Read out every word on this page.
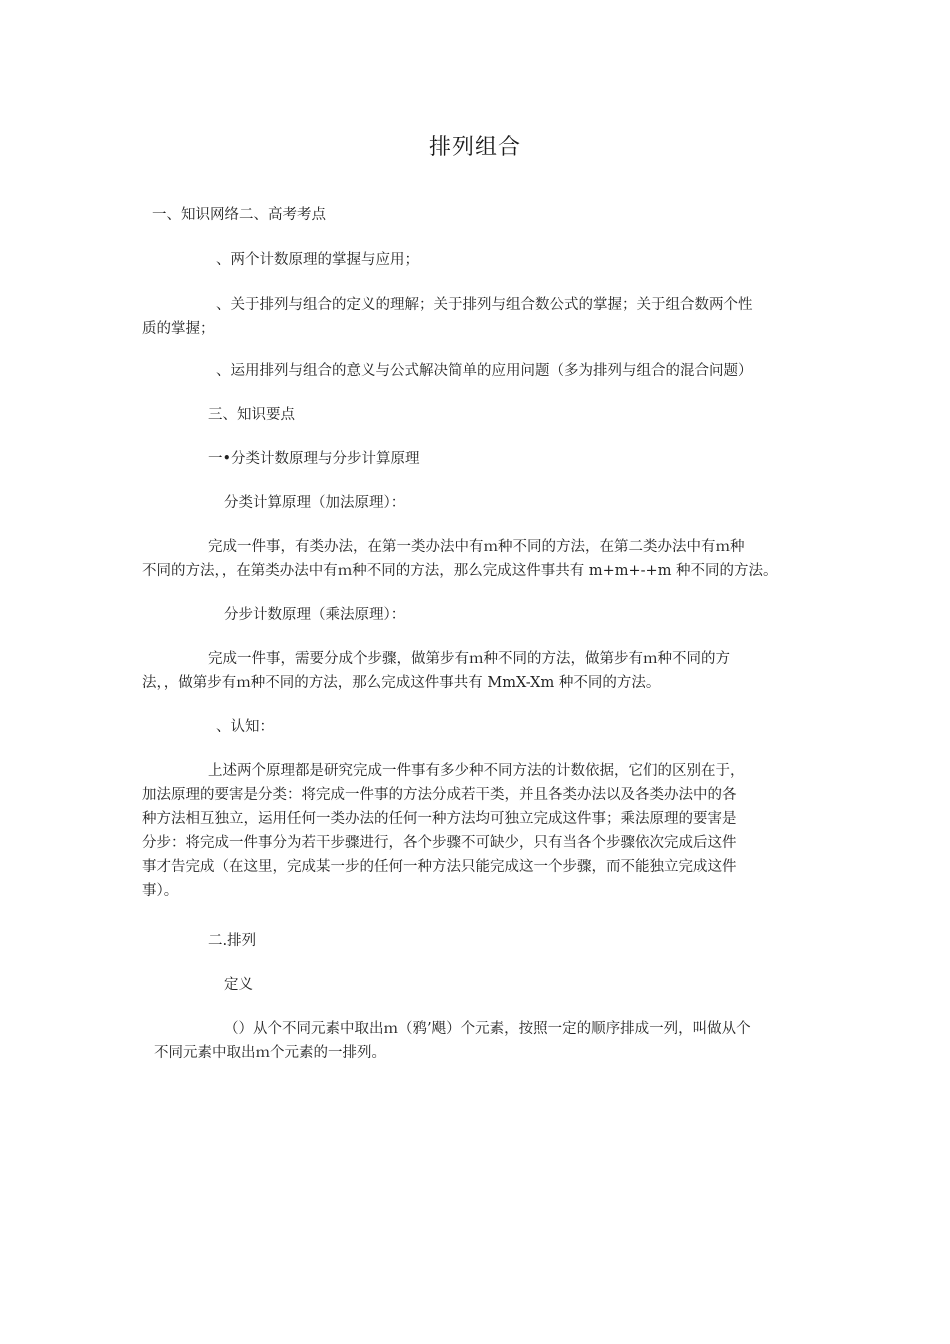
排列组合
一、知识网络二、高考考点
、两个计数原理的掌握与应用；
、关于排列与组合的定义的理解；关于排列与组合数公式的掌握；关于组合数两个性
质的掌握；
、运用排列与组合的意义与公式解决简单的应用问题（多为排列与组合的混合问题）
三、知识要点
一•分类计数原理与分步计算原理
分类计算原理（加法原理）：
完成一件事，有类办法，在第一类办法中有ｍ种不同的方法，在第二类办法中有ｍ种
不同的方法，，在第类办法中有ｍ种不同的方法，那么完成这件事共有 m+m+-+m 种不同的方法。
分步计数原理（乘法原理）：
完成一件事，需要分成个步骤，做第步有ｍ种不同的方法，做第步有ｍ种不同的方
法，，做第步有ｍ种不同的方法，那么完成这件事共有 MmX-Xm 种不同的方法。
、认知：
上述两个原理都是研究完成一件事有多少种不同方法的计数依据，它们的区别在于，
加法原理的要害是分类：将完成一件事的方法分成若干类，并且各类办法以及各类办法中的各
种方法相互独立，运用任何一类办法的任何一种方法均可独立完成这件事；乘法原理的要害是
分步：将完成一件事分为若干步骤进行，各个步骤不可缺少，只有当各个步骤依次完成后这件
事才告完成（在这里，完成某一步的任何一种方法只能完成这一个步骤，而不能独立完成这件
事）。
二.排列
定义
（）从个不同元素中取出ｍ（鸦’飓）个元素，按照一定的顺序排成一列，叫做从个
不同元素中取出ｍ个元素的一排列。
